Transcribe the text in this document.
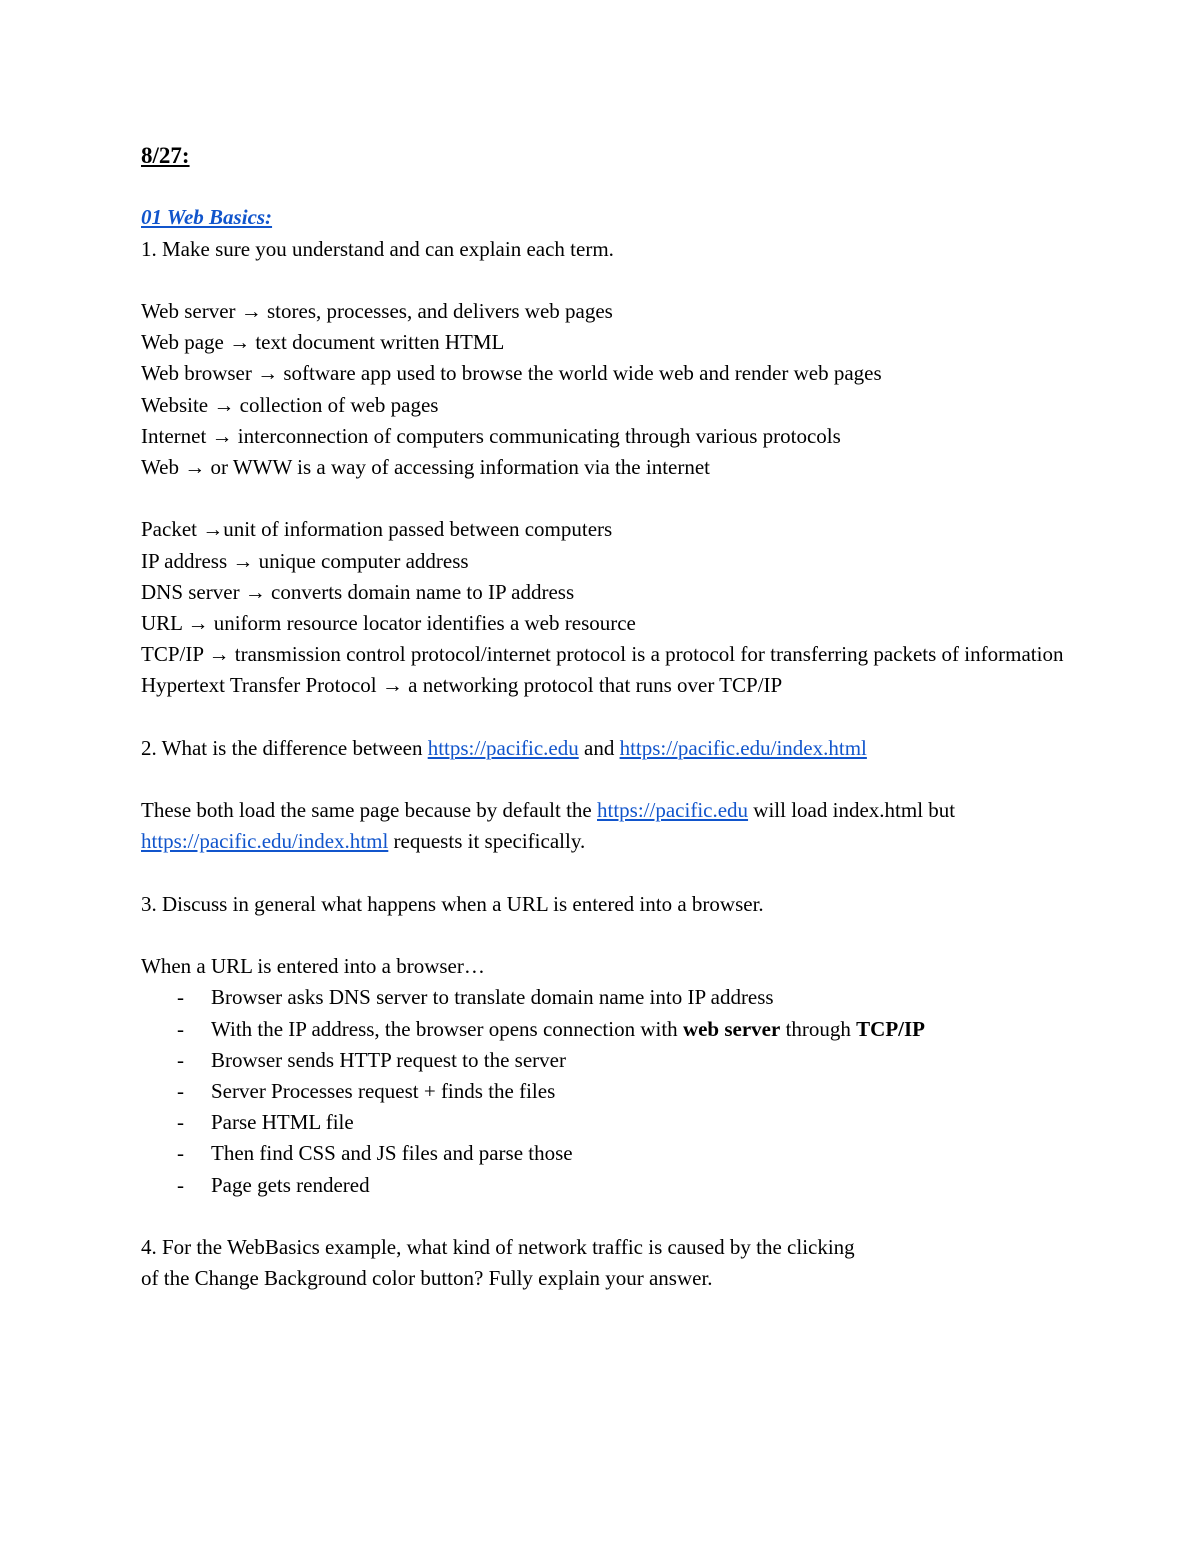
8/27:
01 Web Basics:
1. Make sure you understand and can explain each term.
Web server → stores, processes, and delivers web pages
Web page → text document written HTML
Web browser → software app used to browse the world wide web and render web pages
Website → collection of web pages
Internet → interconnection of computers communicating through various protocols
Web → or WWW is a way of accessing information via the internet
Packet →unit of information passed between computers
IP address → unique computer address
DNS server → converts domain name to IP address
URL → uniform resource locator identifies a web resource
TCP/IP → transmission control protocol/internet protocol is a protocol for transferring packets of information
Hypertext Transfer Protocol → a networking protocol that runs over TCP/IP
2. What is the difference between https://pacific.edu and https://pacific.edu/index.html
These both load the same page because by default the https://pacific.edu will load index.html but
https://pacific.edu/index.html requests it specifically.
3. Discuss in general what happens when a URL is entered into a browser.
When a URL is entered into a browser…
- Browser asks DNS server to translate domain name into IP address
- With the IP address, the browser opens connection with web server through TCP/IP
- Browser sends HTTP request to the server
- Server Processes request + finds the files
- Parse HTML file
- Then find CSS and JS files and parse those
- Page gets rendered
4. For the WebBasics example, what kind of network traffic is caused by the clicking
of the Change Background color button? Fully explain your answer.
